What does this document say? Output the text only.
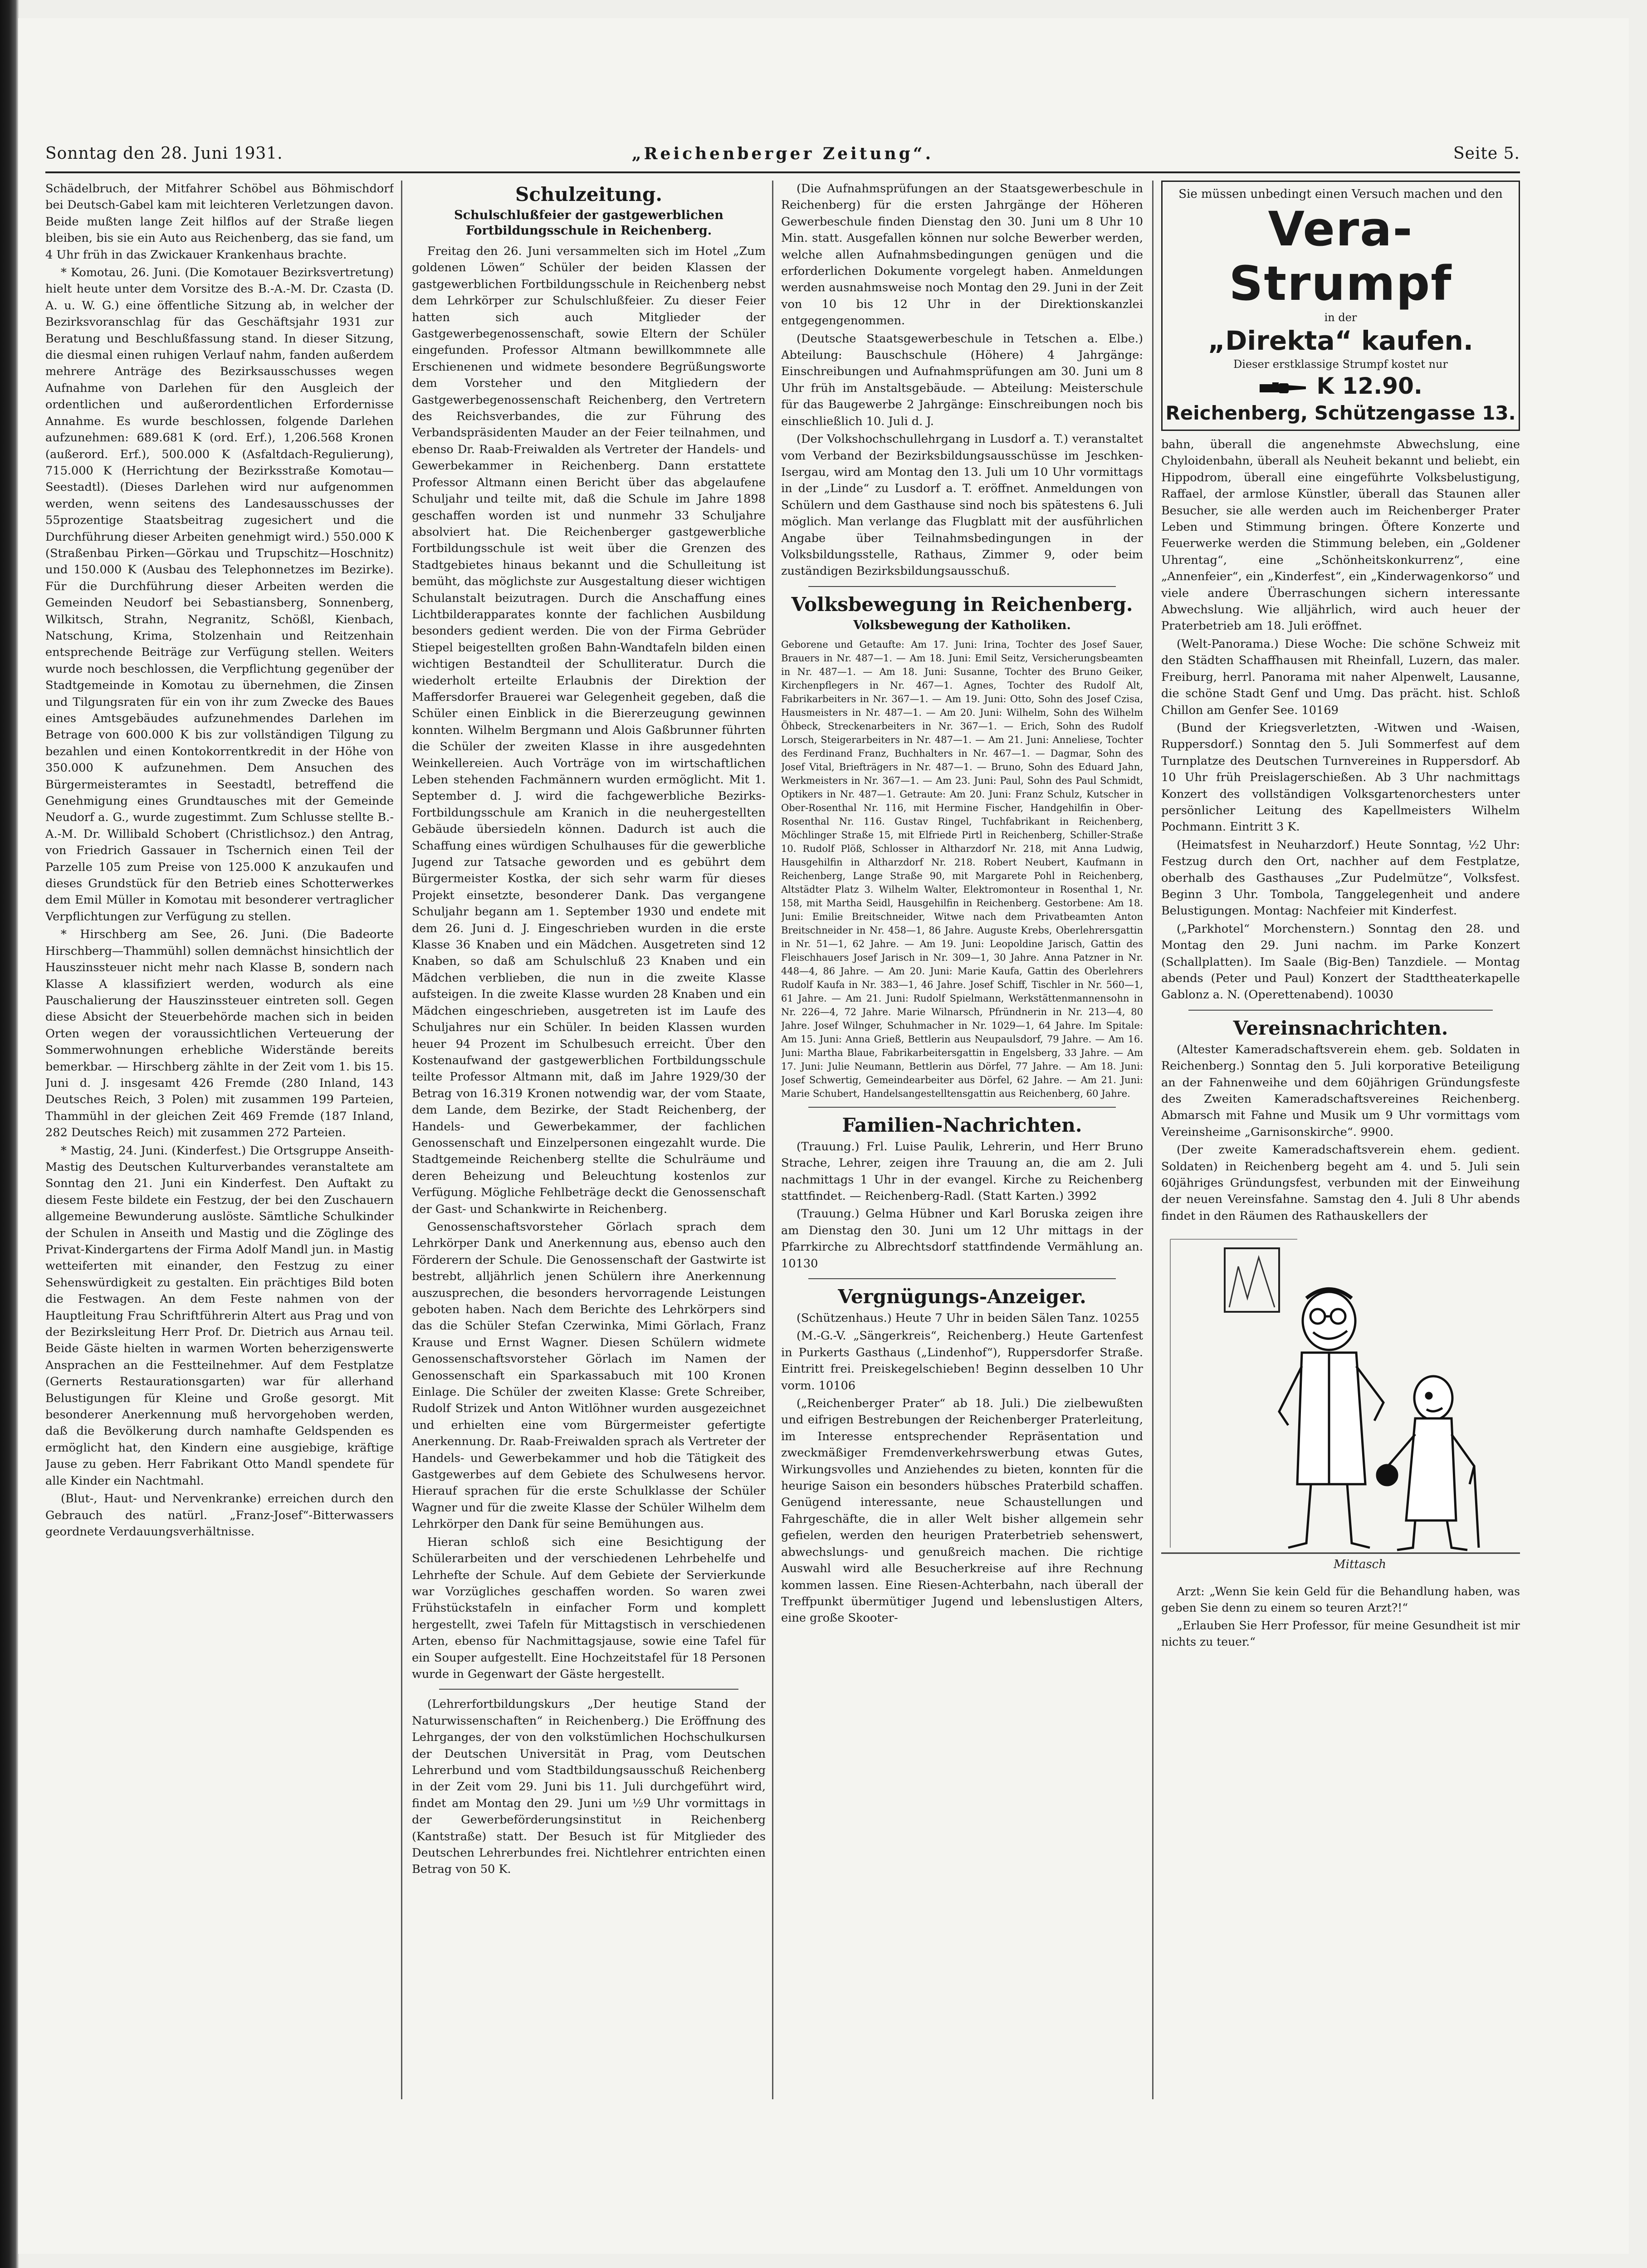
Sonntag den 28. Juni 1931.	„Reichenberger Zeitung“.	Seite 5.

Schädelbruch, der Mitfahrer Schöbel aus Böhmischdorf bei Deutsch-Gabel kam mit leichteren Verletzungen davon. Beide mußten lange Zeit hilflos auf der Straße liegen bleiben, bis sie ein Auto aus Reichenberg, das sie fand, um 4 Uhr früh in das Zwickauer Krankenhaus brachte.

* Komotau, 26. Juni. (Die Komotauer Bezirksvertretung) hielt heute unter dem Vorsitze des B.-A.-M. Dr. Czasta (D. A. u. W. G.) eine öffentliche Sitzung ab, in welcher der Bezirksvoranschlag für das Geschäftsjahr 1931 zur Beratung und Beschlußfassung stand. In dieser Sitzung, die diesmal einen ruhigen Verlauf nahm, fanden außerdem mehrere Anträge des Bezirksausschusses wegen Aufnahme von Darlehen für den Ausgleich der ordentlichen und außerordentlichen Erfordernisse Annahme. Es wurde beschlossen, folgende Darlehen aufzunehmen: 689.681 K (ord. Erf.), 1,206.568 Kronen (außerord. Erf.), 500.000 K (Asfaltdach-Regulierung), 715.000 K (Herrichtung der Bezirksstraße Komotau—Seestadtl). (Dieses Darlehen wird nur aufgenommen werden, wenn seitens des Landesausschusses der 55prozentige Staatsbeitrag zugesichert und die Durchführung dieser Arbeiten genehmigt wird.) 550.000 K (Straßenbau Pirken—Görkau und Trupschitz—Hoschnitz) und 150.000 K (Ausbau des Telephonnetzes im Bezirke). Für die Durchführung dieser Arbeiten werden die Gemeinden Neudorf bei Sebastiansberg, Sonnenberg, Wilkitsch, Strahn, Negranitz, Schößl, Kienbach, Natschung, Krima, Stolzenhain und Reitzenhain entsprechende Beiträge zur Verfügung stellen. Weiters wurde noch beschlossen, die Verpflichtung gegenüber der Stadtgemeinde in Komotau zu übernehmen, die Zinsen und Tilgungsraten für ein von ihr zum Zwecke des Baues eines Amtsgebäudes aufzunehmendes Darlehen im Betrage von 600.000 K bis zur vollständigen Tilgung zu bezahlen und einen Kontokorrentkredit in der Höhe von 350.000 K aufzunehmen. Dem Ansuchen des Bürgermeisteramtes in Seestadtl, betreffend die Genehmigung eines Grundtausches mit der Gemeinde Neudorf a. G., wurde zugestimmt. Zum Schlusse stellte B.-A.-M. Dr. Willibald Schobert (Christlichsoz.) den Antrag, von Friedrich Gassauer in Tschernich einen Teil der Parzelle 105 zum Preise von 125.000 K anzukaufen und dieses Grundstück für den Betrieb eines Schotterwerkes dem Emil Müller in Komotau mit besonderer vertraglicher Verpflichtungen zur Verfügung zu stellen.

* Hirschberg am See, 26. Juni. (Die Badeorte Hirschberg—Thammühl) sollen demnächst hinsichtlich der Hauszinssteuer nicht mehr nach Klasse B, sondern nach Klasse A klassifiziert werden, wodurch als eine Pauschalierung der Hauszinssteuer eintreten soll. Gegen diese Absicht der Steuerbehörde machen sich in beiden Orten wegen der voraussichtlichen Verteuerung der Sommerwohnungen erhebliche Widerstände bereits bemerkbar. — Hirschberg zählte in der Zeit vom 1. bis 15. Juni d. J. insgesamt 426 Fremde (280 Inland, 143 Deutsches Reich, 3 Polen) mit zusammen 199 Parteien, Thammühl in der gleichen Zeit 469 Fremde (187 Inland, 282 Deutsches Reich) mit zusammen 272 Parteien.

* Mastig, 24. Juni. (Kinderfest.) Die Ortsgruppe Anseith-Mastig des Deutschen Kulturverbandes veranstaltete am Sonntag den 21. Juni ein Kinderfest. Den Auftakt zu diesem Feste bildete ein Festzug, der bei den Zuschauern allgemeine Bewunderung auslöste. Sämtliche Schulkinder der Schulen in Anseith und Mastig und die Zöglinge des Privat-Kindergartens der Firma Adolf Mandl jun. in Mastig wetteiferten mit einander, den Festzug zu einer Sehenswürdigkeit zu gestalten. Ein prächtiges Bild boten die Festwagen. An dem Feste nahmen von der Hauptleitung Frau Schriftführerin Altert aus Prag und von der Bezirksleitung Herr Prof. Dr. Dietrich aus Arnau teil. Beide Gäste hielten in warmen Worten beherzigenswerte Ansprachen an die Festteilnehmer. Auf dem Festplatze (Gernerts Restaurationsgarten) war für allerhand Belustigungen für Kleine und Große gesorgt. Mit besonderer Anerkennung muß hervorgehoben werden, daß die Bevölkerung durch namhafte Geldspenden es ermöglicht hat, den Kindern eine ausgiebige, kräftige Jause zu geben. Herr Fabrikant Otto Mandl spendete für alle Kinder ein Nachtmahl.

(Blut-, Haut- und Nervenkranke) erreichen durch den Gebrauch des natürl. „Franz-Josef“-Bitterwassers geordnete Verdauungsverhältnisse.

Schulzeitung.
Schulschlußfeier der gastgewerblichen Fortbildungsschule in Reichenberg.

Freitag den 26. Juni versammelten sich im Hotel „Zum goldenen Löwen“ Schüler der beiden Klassen der gastgewerblichen Fortbildungsschule in Reichenberg nebst dem Lehrkörper zur Schulschlußfeier. Zu dieser Feier hatten sich auch Mitglieder der Gastgewerbegenossenschaft, sowie Eltern der Schüler eingefunden. Professor Altmann bewillkommnete alle Erschienenen und widmete besondere Begrüßungsworte dem Vorsteher und den Mitgliedern der Gastgewerbegenossenschaft Reichenberg, den Vertretern des Reichsverbandes, die zur Führung des Verbandspräsidenten Mauder an der Feier teilnahmen, und ebenso Dr. Raab-Freiwalden als Vertreter der Handels- und Gewerbekammer in Reichenberg. Dann erstattete Professor Altmann einen Bericht über das abgelaufene Schuljahr und teilte mit, daß die Schule im Jahre 1898 geschaffen worden ist und nunmehr 33 Schuljahre absolviert hat. Die Reichenberger gastgewerbliche Fortbildungsschule ist weit über die Grenzen des Stadtgebietes hinaus bekannt und die Schulleitung ist bemüht, das möglichste zur Ausgestaltung dieser wichtigen Schulanstalt beizutragen. Durch die Anschaffung eines Lichtbilderapparates konnte der fachlichen Ausbildung besonders gedient werden. Die von der Firma Gebrüder Stiepel beigestellten großen Bahn-Wandtafeln bilden einen wichtigen Bestandteil der Schulliteratur. Durch die wiederholt erteilte Erlaubnis der Direktion der Maffersdorfer Brauerei war Gelegenheit gegeben, daß die Schüler einen Einblick in die Biererzeugung gewinnen konnten. Wilhelm Bergmann und Alois Gaßbrunner führten die Schüler der zweiten Klasse in ihre ausgedehnten Weinkellereien. Auch Vorträge von im wirtschaftlichen Leben stehenden Fachmännern wurden ermöglicht. Mit 1. September d. J. wird die fachgewerbliche Bezirks-Fortbildungsschule am Kranich in die neuhergestellten Gebäude übersiedeln können. Dadurch ist auch die Schaffung eines würdigen Schulhauses für die gewerbliche Jugend zur Tatsache geworden und es gebührt dem Bürgermeister Kostka, der sich sehr warm für dieses Projekt einsetzte, besonderer Dank. Das vergangene Schuljahr begann am 1. September 1930 und endete mit dem 26. Juni d. J. Eingeschrieben wurden in die erste Klasse 36 Knaben und ein Mädchen. Ausgetreten sind 12 Knaben, so daß am Schulschluß 23 Knaben und ein Mädchen verblieben, die nun in die zweite Klasse aufsteigen. In die zweite Klasse wurden 28 Knaben und ein Mädchen eingeschrieben, ausgetreten ist im Laufe des Schuljahres nur ein Schüler. In beiden Klassen wurden heuer 94 Prozent im Schulbesuch erreicht. Über den Kostenaufwand der gastgewerblichen Fortbildungsschule teilte Professor Altmann mit, daß im Jahre 1929/30 der Betrag von 16.319 Kronen notwendig war, der vom Staate, dem Lande, dem Bezirke, der Stadt Reichenberg, der Handels- und Gewerbekammer, der fachlichen Genossenschaft und Einzelpersonen eingezahlt wurde. Die Stadtgemeinde Reichenberg stellte die Schulräume und deren Beheizung und Beleuchtung kostenlos zur Verfügung. Mögliche Fehlbeträge deckt die Genossenschaft der Gast- und Schankwirte in Reichenberg.

Genossenschaftsvorsteher Görlach sprach dem Lehrkörper Dank und Anerkennung aus, ebenso auch den Förderern der Schule. Die Genossenschaft der Gastwirte ist bestrebt, alljährlich jenen Schülern ihre Anerkennung auszusprechen, die besonders hervorragende Leistungen geboten haben. Nach dem Berichte des Lehrkörpers sind das die Schüler Stefan Czerwinka, Mimi Görlach, Franz Krause und Ernst Wagner. Diesen Schülern widmete Genossenschaftsvorsteher Görlach im Namen der Genossenschaft ein Sparkassabuch mit 100 Kronen Einlage. Die Schüler der zweiten Klasse: Grete Schreiber, Rudolf Strizek und Anton Witlöhner wurden ausgezeichnet und erhielten eine vom Bürgermeister gefertigte Anerkennung. Dr. Raab-Freiwalden sprach als Vertreter der Handels- und Gewerbekammer und hob die Tätigkeit des Gastgewerbes auf dem Gebiete des Schulwesens hervor. Hierauf sprachen für die erste Schulklasse der Schüler Wagner und für die zweite Klasse der Schüler Wilhelm dem Lehrkörper den Dank für seine Bemühungen aus.

Hieran schloß sich eine Besichtigung der Schülerarbeiten und der verschiedenen Lehrbehelfe und Lehrhefte der Schule. Auf dem Gebiete der Servierkunde war Vorzügliches geschaffen worden. So waren zwei Frühstückstafeln in einfacher Form und komplett hergestellt, zwei Tafeln für Mittagstisch in verschiedenen Arten, ebenso für Nachmittagsjause, sowie eine Tafel für ein Souper aufgestellt. Eine Hochzeitstafel für 18 Personen wurde in Gegenwart der Gäste hergestellt.

(Lehrerfortbildungskurs „Der heutige Stand der Naturwissenschaften“ in Reichenberg.) Die Eröffnung des Lehrganges, der von den volkstümlichen Hochschulkursen der Deutschen Universität in Prag, vom Deutschen Lehrerbund und vom Stadtbildungsausschuß Reichenberg in der Zeit vom 29. Juni bis 11. Juli durchgeführt wird, findet am Montag den 29. Juni um ½9 Uhr vormittags in der Gewerbeförderungsinstitut in Reichenberg (Kantstraße) statt. Der Besuch ist für Mitglieder des Deutschen Lehrerbundes frei. Nichtlehrer entrichten einen Betrag von 50 K.

(Die Aufnahmsprüfungen an der Staatsgewerbeschule in Reichenberg) für die ersten Jahrgänge der Höheren Gewerbeschule finden Dienstag den 30. Juni um 8 Uhr 10 Min. statt. Ausgefallen können nur solche Bewerber werden, welche allen Aufnahmsbedingungen genügen und die erforderlichen Dokumente vorgelegt haben. Anmeldungen werden ausnahmsweise noch Montag den 29. Juni in der Zeit von 10 bis 12 Uhr in der Direktionskanzlei entgegengenommen.

(Deutsche Staatsgewerbeschule in Tetschen a. Elbe.) Abteilung: Bauschschule (Höhere) 4 Jahrgänge: Einschreibungen und Aufnahmsprüfungen am 30. Juni um 8 Uhr früh im Anstaltsgebäude. — Abteilung: Meisterschule für das Baugewerbe 2 Jahrgänge: Einschreibungen noch bis einschließlich 10. Juli d. J.

(Der Volkshochschullehrgang in Lusdorf a. T.) veranstaltet vom Verband der Bezirksbildungsausschüsse im Jeschken-Isergau, wird am Montag den 13. Juli um 10 Uhr vormittags in der „Linde“ zu Lusdorf a. T. eröffnet. Anmeldungen von Schülern und dem Gasthause sind noch bis spätestens 6. Juli möglich. Man verlange das Flugblatt mit der ausführlichen Angabe über Teilnahmsbedingungen in der Volksbildungsstelle, Rathaus, Zimmer 9, oder beim zuständigen Bezirksbildungsausschuß.

Volksbewegung in Reichenberg.
Volksbewegung der Katholiken.

Geborene und Getaufte: Am 17. Juni: Irina, Tochter des Josef Sauer, Brauers in Nr. 487—1. — Am 18. Juni: Emil Seitz, Versicherungsbeamten in Nr. 487—1. — Am 18. Juni: Susanne, Tochter des Bruno Geiker, Kirchenpflegers in Nr. 467—1. Agnes, Tochter des Rudolf Alt, Fabrikarbeiters in Nr. 367—1. — Am 19. Juni: Otto, Sohn des Josef Czisa, Hausmeisters in Nr. 487—1. — Am 20. Juni: Wilhelm, Sohn des Wilhelm Öhbeck, Streckenarbeiters in Nr. 367—1. — Erich, Sohn des Rudolf Lorsch, Steigerarbeiters in Nr. 487—1. — Am 21. Juni: Anneliese, Tochter des Ferdinand Franz, Buchhalters in Nr. 467—1. — Dagmar, Sohn des Josef Vital, Briefträgers in Nr. 487—1. — Bruno, Sohn des Eduard Jahn, Werkmeisters in Nr. 367—1. — Am 23. Juni: Paul, Sohn des Paul Schmidt, Optikers in Nr. 487—1. Getraute: Am 20. Juni: Franz Schulz, Kutscher in Ober-Rosenthal Nr. 116, mit Hermine Fischer, Handgehilfin in Ober-Rosenthal Nr. 116. Gustav Ringel, Tuchfabrikant in Reichenberg, Möchlinger Straße 15, mit Elfriede Pirtl in Reichenberg, Schiller-Straße 10. Rudolf Plöß, Schlosser in Altharzdorf Nr. 218, mit Anna Ludwig, Hausgehilfin in Altharzdorf Nr. 218. Robert Neubert, Kaufmann in Reichenberg, Lange Straße 90, mit Margarete Pohl in Reichenberg, Altstädter Platz 3. Wilhelm Walter, Elektromonteur in Rosenthal 1, Nr. 158, mit Martha Seidl, Hausgehilfin in Reichenberg. Gestorbene: Am 18. Juni: Emilie Breitschneider, Witwe nach dem Privatbeamten Anton Breitschneider in Nr. 458—1, 86 Jahre. Auguste Krebs, Oberlehrersgattin in Nr. 51—1, 62 Jahre. — Am 19. Juni: Leopoldine Jarisch, Gattin des Fleischhauers Josef Jarisch in Nr. 309—1, 30 Jahre. Anna Patzner in Nr. 448—4, 86 Jahre. — Am 20. Juni: Marie Kaufa, Gattin des Oberlehrers Rudolf Kaufa in Nr. 383—1, 46 Jahre. Josef Schiff, Tischler in Nr. 560—1, 61 Jahre. — Am 21. Juni: Rudolf Spielmann, Werkstättenmannensohn in Nr. 226—4, 72 Jahre. Marie Wilnarsch, Pfründnerin in Nr. 213—4, 80 Jahre. Josef Wilnger, Schuhmacher in Nr. 1029—1, 64 Jahre. Im Spitale: Am 15. Juni: Anna Grieß, Bettlerin aus Neupaulsdorf, 79 Jahre. — Am 16. Juni: Martha Blaue, Fabrikarbeitersgattin in Engelsberg, 33 Jahre. — Am 17. Juni: Julie Neumann, Bettlerin aus Dörfel, 77 Jahre. — Am 18. Juni: Josef Schwertig, Gemeindearbeiter aus Dörfel, 62 Jahre. — Am 21. Juni: Marie Schubert, Handelsangestelltensgattin aus Reichenberg, 60 Jahre.

Familien-Nachrichten.

(Trauung.) Frl. Luise Paulik, Lehrerin, und Herr Bruno Strache, Lehrer, zeigen ihre Trauung an, die am 2. Juli nachmittags 1 Uhr in der evangel. Kirche zu Reichenberg stattfindet. — Reichenberg-Radl. (Statt Karten.) 3992

(Trauung.) Gelma Hübner und Karl Boruska zeigen ihre am Dienstag den 30. Juni um 12 Uhr mittags in der Pfarrkirche zu Albrechtsdorf stattfindende Vermählung an. 10130

Vergnügungs-Anzeiger.

(Schützenhaus.) Heute 7 Uhr in beiden Sälen Tanz. 10255

(M.-G.-V. „Sängerkreis“, Reichenberg.) Heute Gartenfest in Purkerts Gasthaus („Lindenhof“), Ruppersdorfer Straße. Eintritt frei. Preiskegelschieben! Beginn desselben 10 Uhr vorm. 10106

(„Reichenberger Prater“ ab 18. Juli.) Die zielbewußten und eifrigen Bestrebungen der Reichenberger Praterleitung, im Interesse entsprechender Repräsentation und zweckmäßiger Fremdenverkehrswerbung etwas Gutes, Wirkungsvolles und Anziehendes zu bieten, konnten für die heurige Saison ein besonders hübsches Praterbild schaffen. Genügend interessante, neue Schaustellungen und Fahrgeschäfte, die in aller Welt bisher allgemein sehr gefielen, werden den heurigen Praterbetrieb sehenswert, abwechslungs- und genußreich machen. Die richtige Auswahl wird alle Besucherkreise auf ihre Rechnung kommen lassen. Eine Riesen-Achterbahn, nach überall der Treffpunkt übermütiger Jugend und lebenslustigen Alters, eine große Skooter-

Sie müssen unbedingt einen Versuch machen und den
Vera-Strumpf
in der
„Direkta“ kaufen.
Dieser erstklassige Strumpf kostet nur
K 12.90.
Reichenberg, Schützengasse 13.

bahn, überall die angenehmste Abwechslung, eine Chyloidenbahn, überall als Neuheit bekannt und beliebt, ein Hippodrom, überall eine eingeführte Volksbelustigung, Raffael, der armlose Künstler, überall das Staunen aller Besucher, sie alle werden auch im Reichenberger Prater Leben und Stimmung bringen. Öftere Konzerte und Feuerwerke werden die Stimmung beleben, ein „Goldener Uhrentag“, eine „Schönheitskonkurrenz“, eine „Annenfeier“, ein „Kinderfest“, ein „Kinderwagenkorso“ und viele andere Überraschungen sichern interessante Abwechslung. Wie alljährlich, wird auch heuer der Praterbetrieb am 18. Juli eröffnet.

(Welt-Panorama.) Diese Woche: Die schöne Schweiz mit den Städten Schaffhausen mit Rheinfall, Luzern, das maler. Freiburg, herrl. Panorama mit naher Alpenwelt, Lausanne, die schöne Stadt Genf und Umg. Das prächt. hist. Schloß Chillon am Genfer See. 10169

(Bund der Kriegsverletzten, -Witwen und -Waisen, Ruppersdorf.) Sonntag den 5. Juli Sommerfest auf dem Turnplatze des Deutschen Turnvereines in Ruppersdorf. Ab 10 Uhr früh Preislagerschießen. Ab 3 Uhr nachmittags Konzert des vollständigen Volksgartenorchesters unter persönlicher Leitung des Kapellmeisters Wilhelm Pochmann. Eintritt 3 K.

(Heimatsfest in Neuharzdorf.) Heute Sonntag, ½2 Uhr: Festzug durch den Ort, nachher auf dem Festplatze, oberhalb des Gasthauses „Zur Pudelmütze“, Volksfest. Beginn 3 Uhr. Tombola, Tanggelegenheit und andere Belustigungen. Montag: Nachfeier mit Kinderfest.

(„Parkhotel“ Morchenstern.) Sonntag den 28. und Montag den 29. Juni nachm. im Parke Konzert (Schallplatten). Im Saale (Big-Ben) Tanzdiele. — Montag abends (Peter und Paul) Konzert der Stadttheaterkapelle Gablonz a. N. (Operettenabend). 10030

Vereinsnachrichten.

(Altester Kameradschaftsverein ehem. geb. Soldaten in Reichenberg.) Sonntag den 5. Juli korporative Beteiligung an der Fahnenweihe und dem 60jährigen Gründungsfeste des Zweiten Kameradschaftsvereines Reichenberg. Abmarsch mit Fahne und Musik um 9 Uhr vormittags vom Vereinsheime „Garnisonskirche“. 9900.

(Der zweite Kameradschaftsverein ehem. gedient. Soldaten) in Reichenberg begeht am 4. und 5. Juli sein 60jähriges Gründungsfest, verbunden mit der Einweihung der neuen Vereinsfahne. Samstag den 4. Juli 8 Uhr abends findet in den Räumen des Rathauskellers der

Mittasch

Arzt: „Wenn Sie kein Geld für die Behandlung haben, was geben Sie denn zu einem so teuren Arzt?!“

„Erlauben Sie Herr Professor, für meine Gesundheit ist mir nichts zu teuer.“
